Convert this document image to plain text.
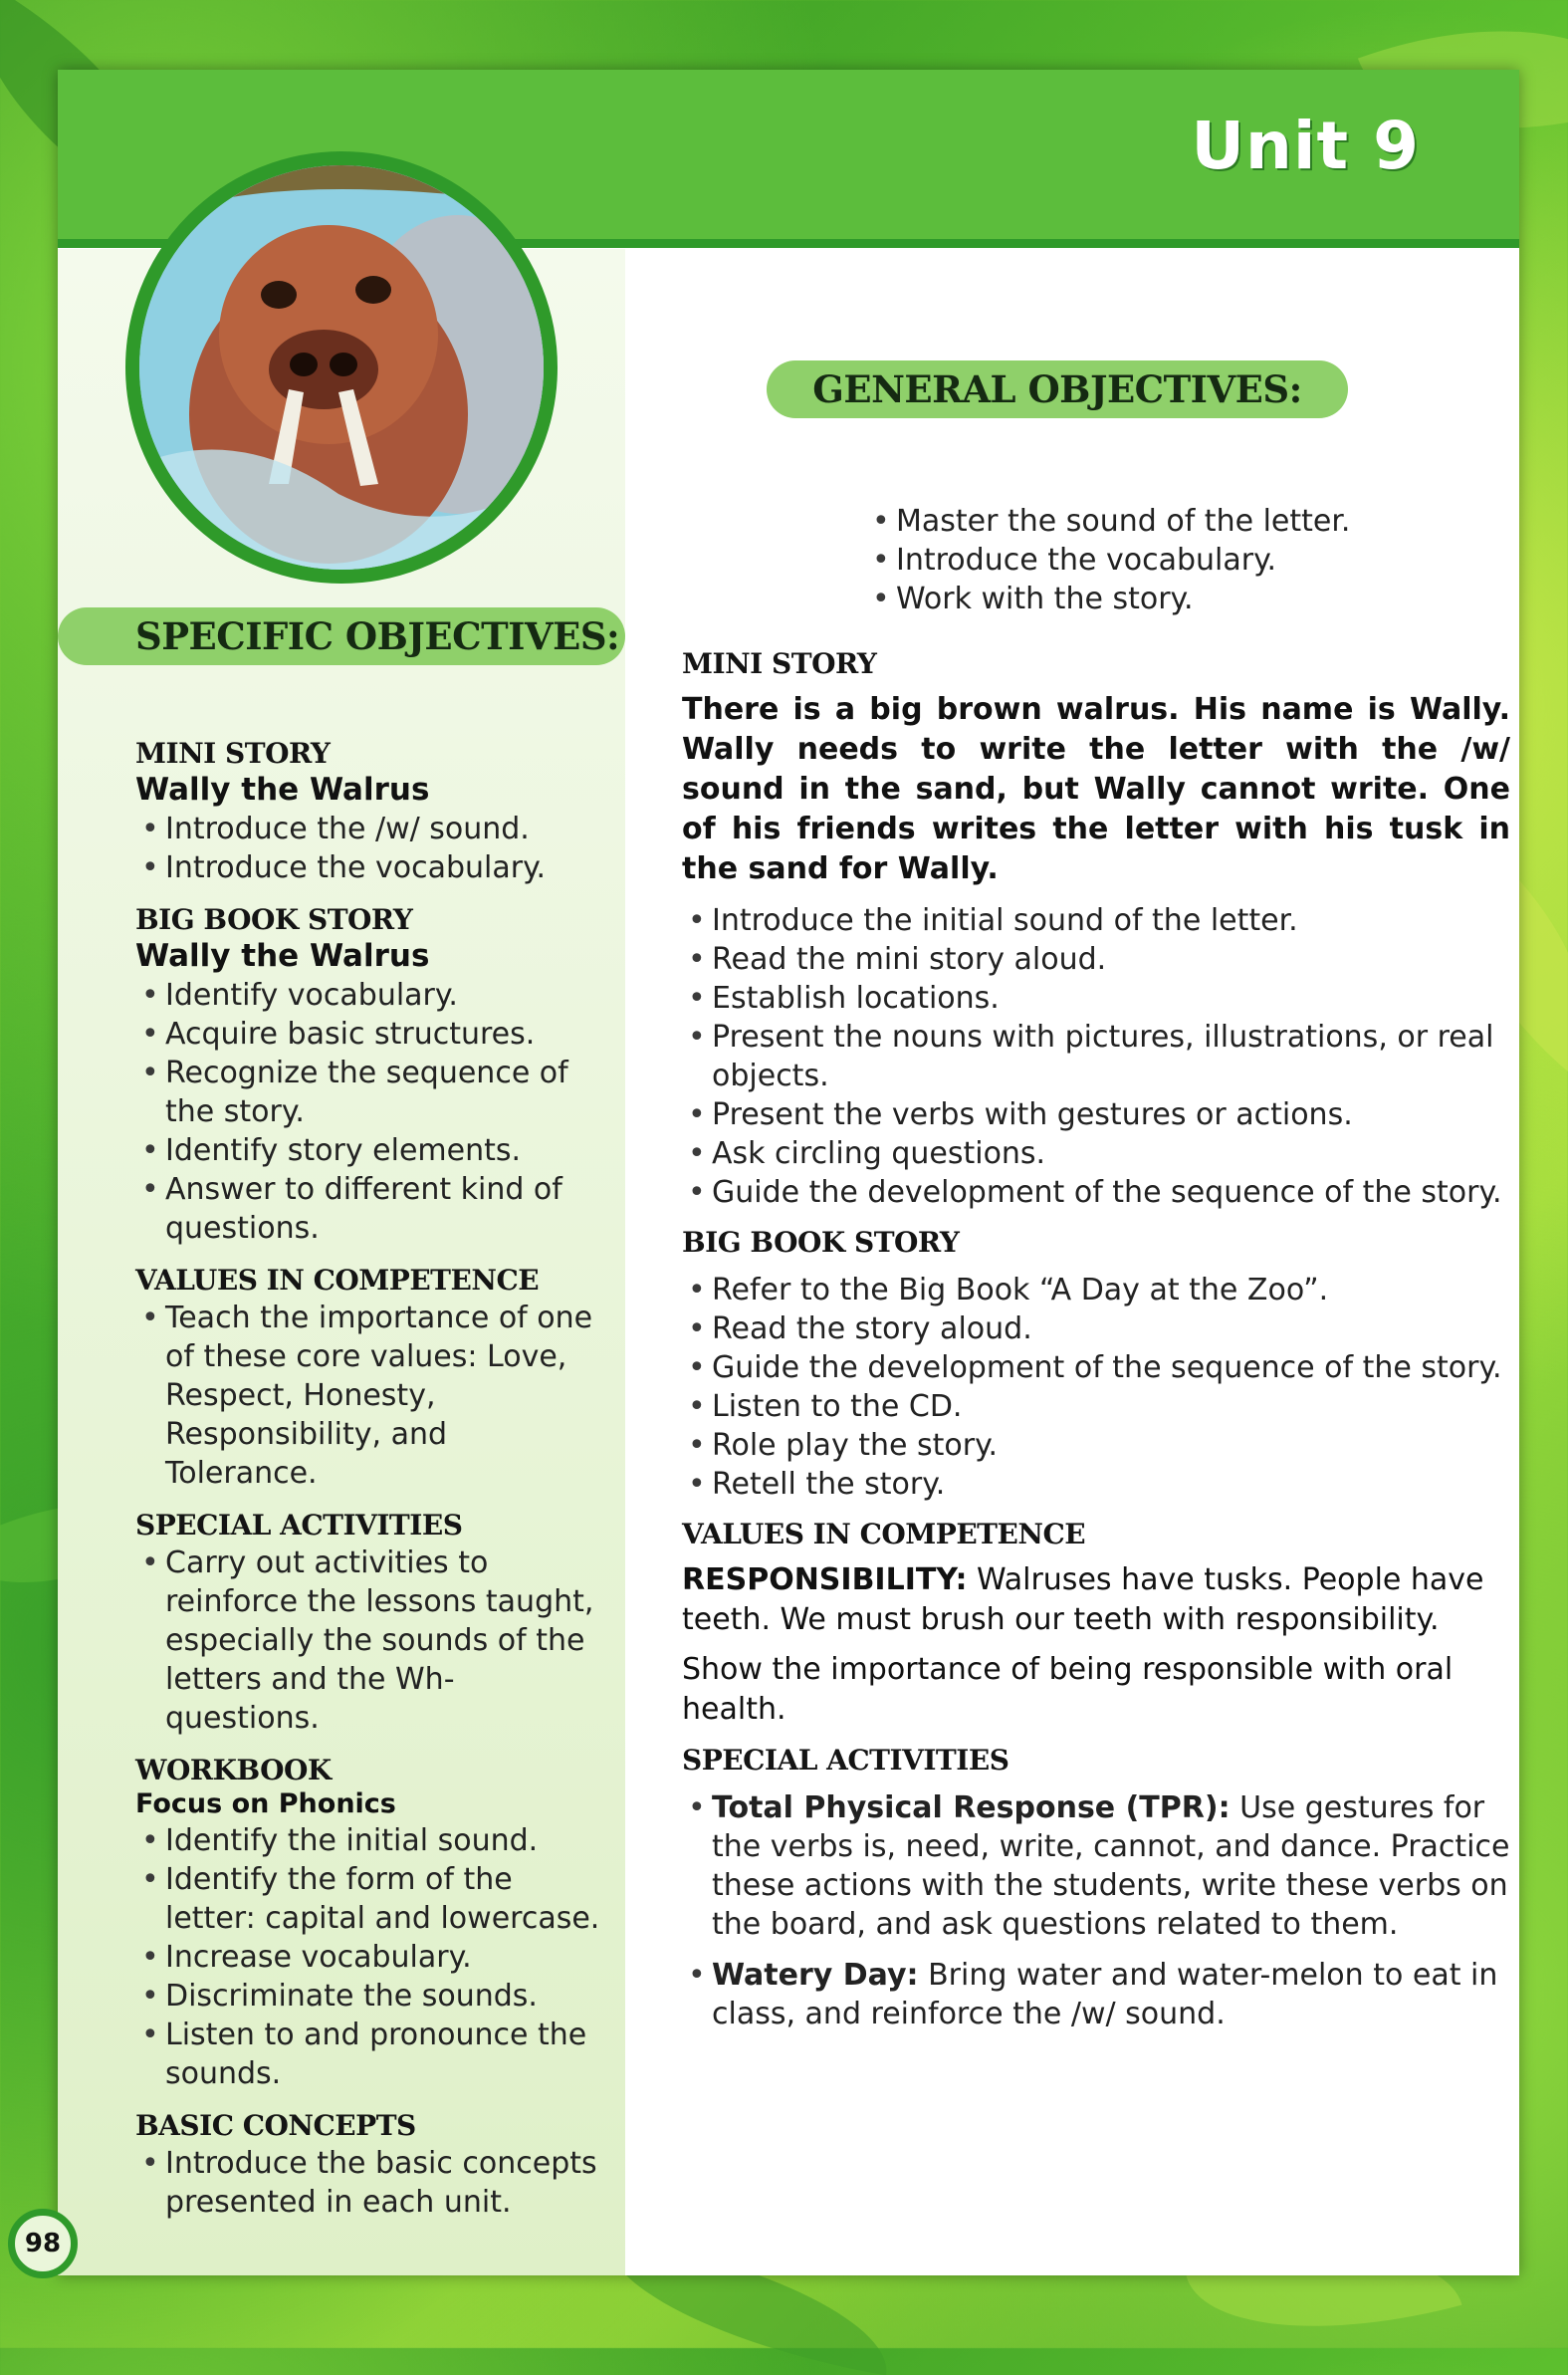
Unit 9
GENERAL OBJECTIVES:
• Master the sound of the letter.
• Introduce the vocabulary.
• Work with the story.
SPECIFIC OBJECTIVES:

MINI STORY

Wally the Walrus

• Introduce the /w/ sound.
• Introduce the vocabulary.

BIG BOOK STORY

Wally the Walrus

• Identify vocabulary.
• Acquire basic structures.
• Recognize the sequence of the story.
• Identify story elements.
• Answer to different kind of questions.

VALUES IN COMPETENCE

• Teach the importance of one of these core values: Love, Respect, Honesty, Responsibility, and Tolerance.

SPECIAL ACTIVITIES

• Carry out activities to reinforce the lessons taught, especially the sounds of the letters and the Wh-questions.

WORKBOOK

Focus on Phonics

• Identify the initial sound.
• Identify the form of the letter: capital and lowercase.
• Increase vocabulary.
• Discriminate the sounds.
• Listen to and pronounce the sounds.

BASIC CONCEPTS

• Introduce the basic concepts presented in each unit.

MINI STORY

There is a big brown walrus. His name is Wally. Wally needs to write the letter with the /w/ sound in the sand, but Wally cannot write. One of his friends writes the letter with his tusk in the sand for Wally.

• Introduce the initial sound of the letter.
• Read the mini story aloud.
• Establish locations.
• Present the nouns with pictures, illustrations, or real objects.
• Present the verbs with gestures or actions.
• Ask circling questions.
• Guide the development of the sequence of the story.

BIG BOOK STORY

• Refer to the Big Book “A Day at the Zoo”.
• Read the story aloud.
• Guide the development of the sequence of the story.
• Listen to the CD.
• Role play the story.
• Retell the story.

VALUES IN COMPETENCE

RESPONSIBILITY: Walruses have tusks. People have teeth. We must brush our teeth with responsibility.

Show the importance of being responsible with oral health.

SPECIAL ACTIVITIES

• Total Physical Response (TPR): Use gestures for the verbs is, need, write, cannot, and dance. Practice these actions with the students, write these verbs on the board, and ask questions related to them.
• Watery Day: Bring water and water-melon to eat in class, and reinforce the /w/ sound.
98
